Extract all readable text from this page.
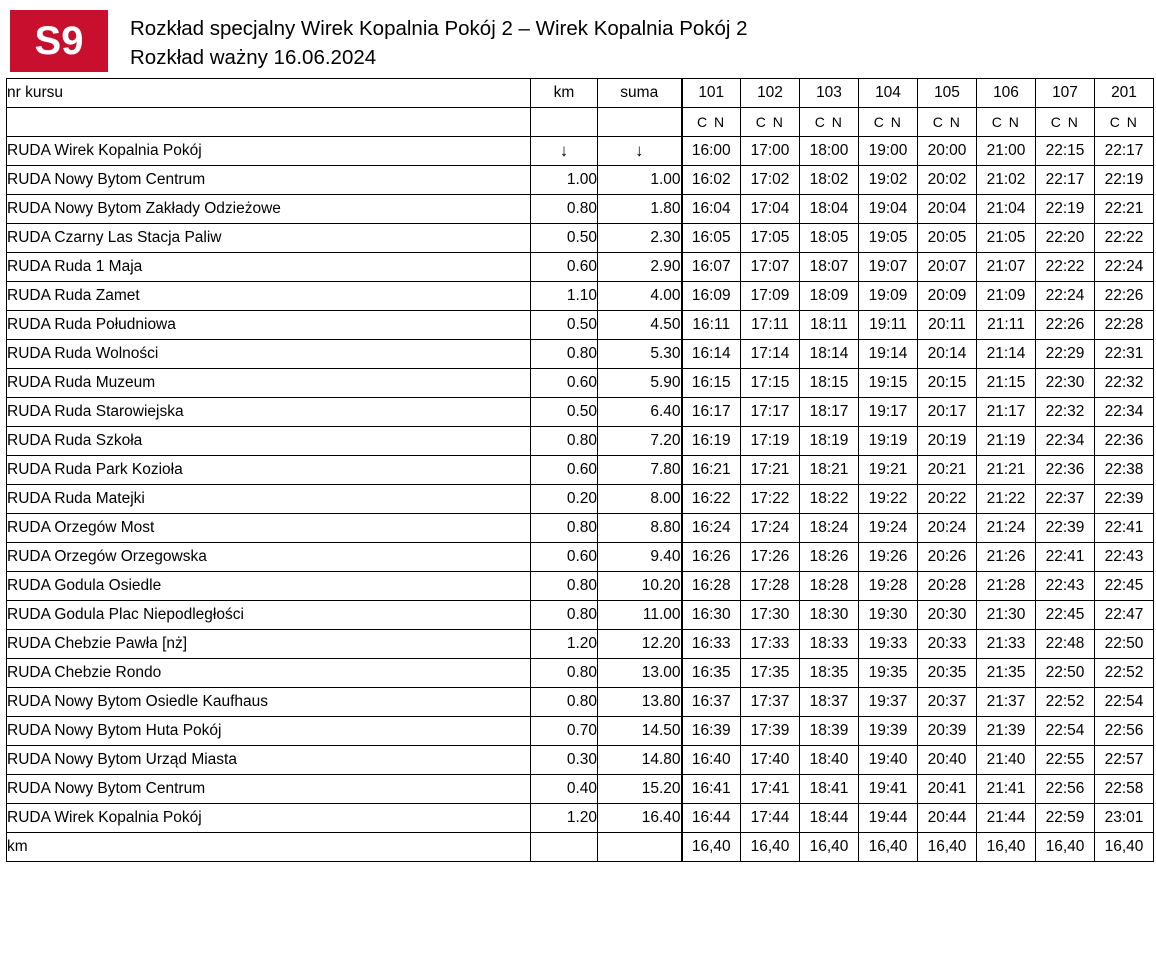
S9	Rozkład specjalny Wirek Kopalnia Pokój 2 – Wirek Kopalnia Pokój 2
Rozkład ważny 16.06.2024
nr kursu	km	suma	101	102	103	104	105	106	107	201
			C N	C N	C N	C N	C N	C N	C N	C N
RUDA Wirek Kopalnia Pokój	↓	↓	16:00	17:00	18:00	19:00	20:00	21:00	22:15	22:17
RUDA Nowy Bytom Centrum	1.00	1.00	16:02	17:02	18:02	19:02	20:02	21:02	22:17	22:19
RUDA Nowy Bytom Zakłady Odzieżowe	0.80	1.80	16:04	17:04	18:04	19:04	20:04	21:04	22:19	22:21
RUDA Czarny Las Stacja Paliw	0.50	2.30	16:05	17:05	18:05	19:05	20:05	21:05	22:20	22:22
RUDA Ruda 1 Maja	0.60	2.90	16:07	17:07	18:07	19:07	20:07	21:07	22:22	22:24
RUDA Ruda Zamet	1.10	4.00	16:09	17:09	18:09	19:09	20:09	21:09	22:24	22:26
RUDA Ruda Południowa	0.50	4.50	16:11	17:11	18:11	19:11	20:11	21:11	22:26	22:28
RUDA Ruda Wolności	0.80	5.30	16:14	17:14	18:14	19:14	20:14	21:14	22:29	22:31
RUDA Ruda Muzeum	0.60	5.90	16:15	17:15	18:15	19:15	20:15	21:15	22:30	22:32
RUDA Ruda Starowiejska	0.50	6.40	16:17	17:17	18:17	19:17	20:17	21:17	22:32	22:34
RUDA Ruda Szkoła	0.80	7.20	16:19	17:19	18:19	19:19	20:19	21:19	22:34	22:36
RUDA Ruda Park Kozioła	0.60	7.80	16:21	17:21	18:21	19:21	20:21	21:21	22:36	22:38
RUDA Ruda Matejki	0.20	8.00	16:22	17:22	18:22	19:22	20:22	21:22	22:37	22:39
RUDA Orzegów Most	0.80	8.80	16:24	17:24	18:24	19:24	20:24	21:24	22:39	22:41
RUDA Orzegów Orzegowska	0.60	9.40	16:26	17:26	18:26	19:26	20:26	21:26	22:41	22:43
RUDA Godula Osiedle	0.80	10.20	16:28	17:28	18:28	19:28	20:28	21:28	22:43	22:45
RUDA Godula Plac Niepodległości	0.80	11.00	16:30	17:30	18:30	19:30	20:30	21:30	22:45	22:47
RUDA Chebzie Pawła [nż]	1.20	12.20	16:33	17:33	18:33	19:33	20:33	21:33	22:48	22:50
RUDA Chebzie Rondo	0.80	13.00	16:35	17:35	18:35	19:35	20:35	21:35	22:50	22:52
RUDA Nowy Bytom Osiedle Kaufhaus	0.80	13.80	16:37	17:37	18:37	19:37	20:37	21:37	22:52	22:54
RUDA Nowy Bytom Huta Pokój	0.70	14.50	16:39	17:39	18:39	19:39	20:39	21:39	22:54	22:56
RUDA Nowy Bytom Urząd Miasta	0.30	14.80	16:40	17:40	18:40	19:40	20:40	21:40	22:55	22:57
RUDA Nowy Bytom Centrum	0.40	15.20	16:41	17:41	18:41	19:41	20:41	21:41	22:56	22:58
RUDA Wirek Kopalnia Pokój	1.20	16.40	16:44	17:44	18:44	19:44	20:44	21:44	22:59	23:01
km			16,40	16,40	16,40	16,40	16,40	16,40	16,40	16,40
